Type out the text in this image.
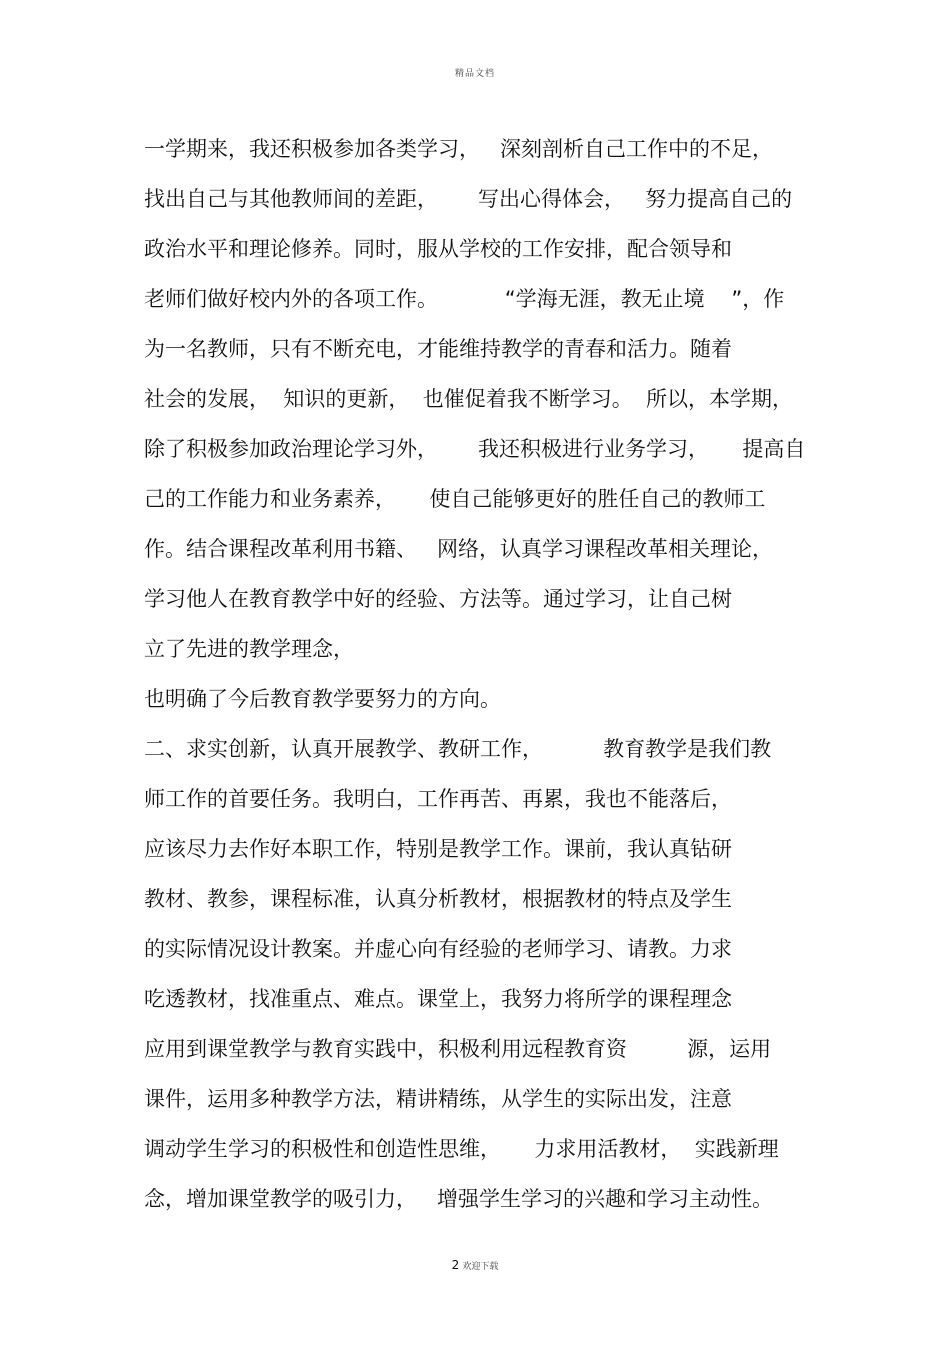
精品文档
一学期来，我还积极参加各类学习，   深刻剖析自己工作中的不足，
找出自己与其他教师间的差距，      写出心得体会，   努力提高自己的
政治水平和理论修养。同时，服从学校的工作安排，配合领导和
老师们做好校内外的各项工作。          “学海无涯，教无止境    ”，作
为一名教师，只有不断充电，才能维持教学的青春和活力。随着
社会的发展，  知识的更新，  也催促着我不断学习。  所以，本学期，
除了积极参加政治理论学习外，      我还积极进行业务学习，     提高自
己的工作能力和业务素养，     使自己能够更好的胜任自己的教师工
作。结合课程改革利用书籍、   网络，认真学习课程改革相关理论，
学习他人在教育教学中好的经验、方法等。通过学习，让自己树
立了先进的教学理念，
也明确了今后教育教学要努力的方向。
二、求实创新，认真开展教学、教研工作，         教育教学是我们教
师工作的首要任务。我明白，工作再苦、再累，我也不能落后，
应该尽力去作好本职工作，特别是教学工作。课前，我认真钻研
教材、教参，课程标准，认真分析教材，根据教材的特点及学生
的实际情况设计教案。并虚心向有经验的老师学习、请教。力求
吃透教材，找准重点、难点。课堂上，我努力将所学的课程理念
应用到课堂教学与教育实践中，积极利用远程教育资         源，运用
课件，运用多种教学方法，精讲精练，从学生的实际出发，注意
调动学生学习的积极性和创造性思维，     力求用活教材，  实践新理
念，增加课堂教学的吸引力，   增强学生学习的兴趣和学习主动性。
2 欢迎下载
